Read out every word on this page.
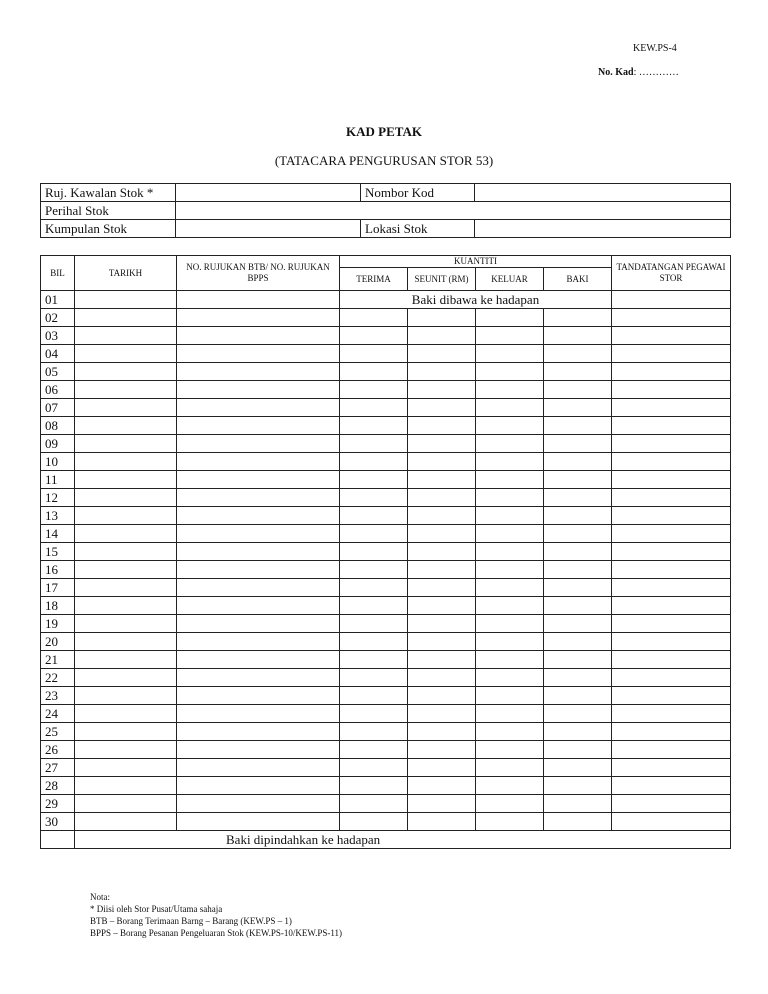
KEW.PS-4
No. Kad: …………
KAD PETAK
(TATACARA PENGURUSAN STOR 53)
Ruj. Kawalan Stok *		Nombor Kod	
Perihal Stok			
Kumpulan Stok		Lokasi Stok	
BIL	TARIKH	NO. RUJUKAN BTB/ NO. RUJUKAN BPPS	KUANTITI				TANDATANGAN PEGAWAI STOR
			TERIMA	SEUNIT (RM)	KELUAR	BAKI	
01			Baki dibawa ke hadapan				
02							
03							
04							
05							
06							
07							
08							
09							
10							
11							
12							
13							
14							
15							
16							
17							
18							
19							
20							
21							
22							
23							
24							
25							
26							
27							
28							
29							
30							
	Baki dipindahkan ke hadapan						
Nota:
* Diisi oleh Stor Pusat/Utama sahaja
BTB – Borang Terimaan Barng – Barang (KEW.PS – 1)
BPPS – Borang Pesanan Pengeluaran Stok (KEW.PS-10/KEW.PS-11)
